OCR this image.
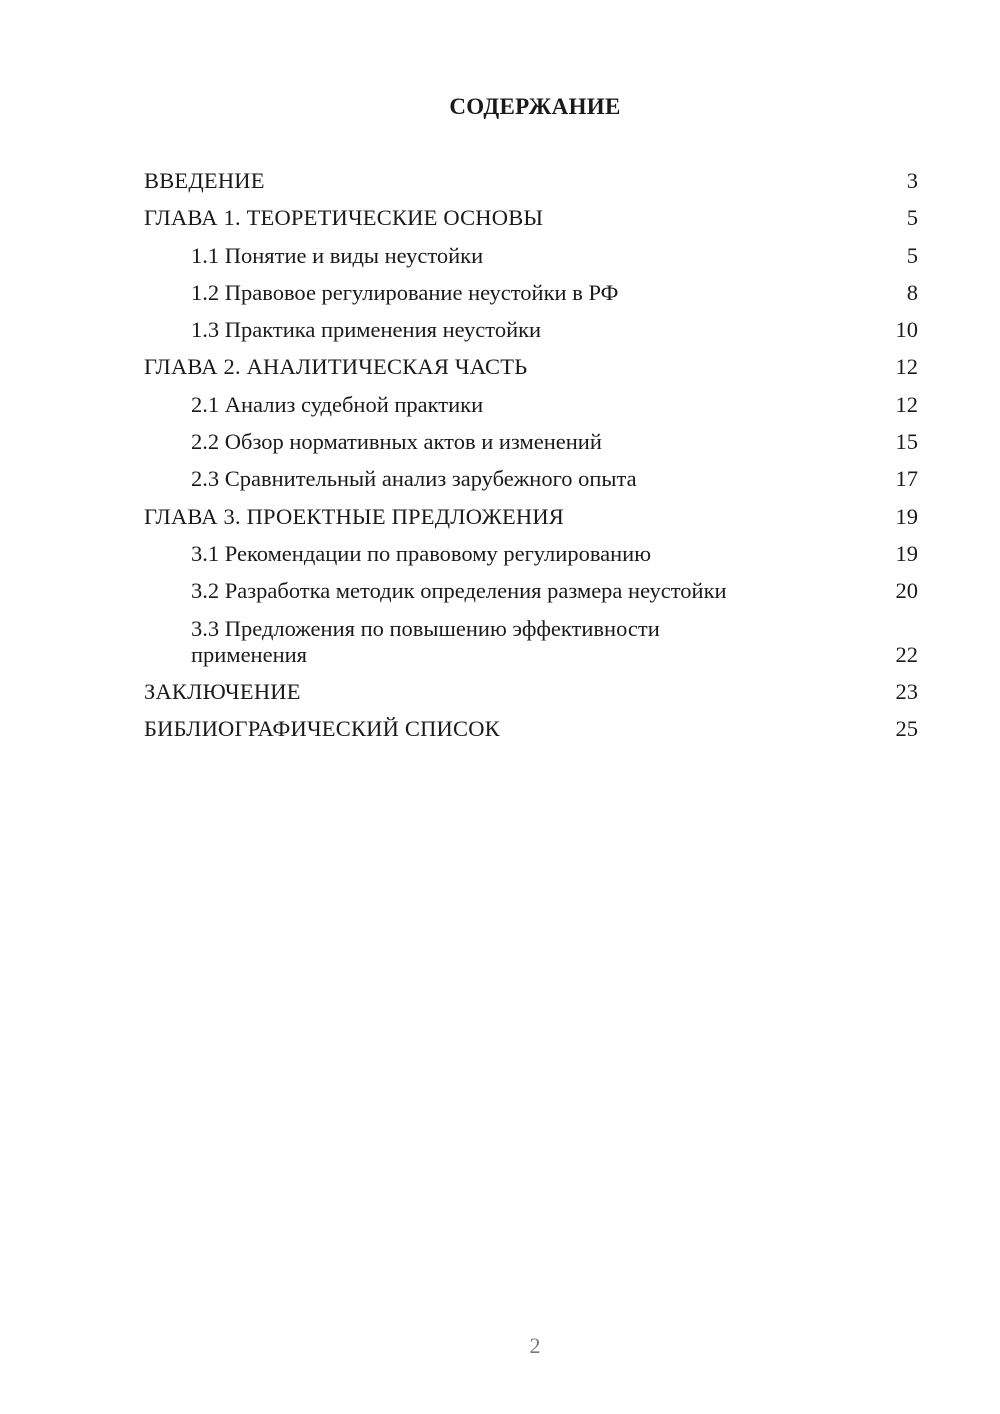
СОДЕРЖАНИЕ
ВВЕДЕНИЕ	3
ГЛАВА 1. ТЕОРЕТИЧЕСКИЕ ОСНОВЫ	5
1.1 Понятие и виды неустойки	5
1.2 Правовое регулирование неустойки в РФ	8
1.3 Практика применения неустойки	10
ГЛАВА 2. АНАЛИТИЧЕСКАЯ ЧАСТЬ	12
2.1 Анализ судебной практики	12
2.2 Обзор нормативных актов и изменений	15
2.3 Сравнительный анализ зарубежного опыта	17
ГЛАВА 3. ПРОЕКТНЫЕ ПРЕДЛОЖЕНИЯ	19
3.1 Рекомендации по правовому регулированию	19
3.2 Разработка методик определения размера неустойки	20
3.3 Предложения по повышению эффективности применения	22
ЗАКЛЮЧЕНИЕ	23
БИБЛИОГРАФИЧЕСКИЙ СПИСОК	25
2
